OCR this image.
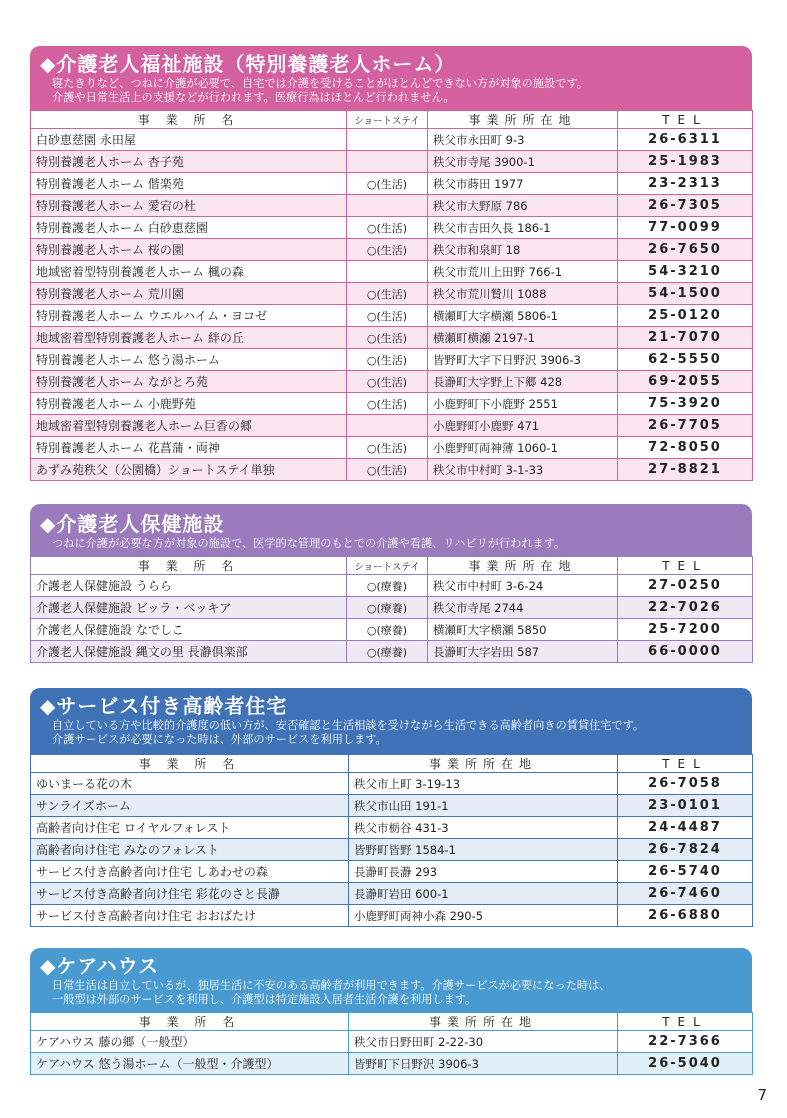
◆介護老人福祉施設（特別養護老人ホーム）
寝たきりなど、つねに介護が必要で、自宅では介護を受けることがほとんどできない方が対象の施設です。
介護や日常生活上の支援などが行われます。医療行為はほとんど行われません。
事 業 所 名	ショートステイ	事業所所在地	TEL
白砂恵慈園 永田屋		秩父市永田町 9-3	26-6311
特別養護老人ホーム 杏子苑		秩父市寺尾 3900-1	25-1983
特別養護老人ホーム 偕楽苑	○(生活)	秩父市蒔田 1977	23-2313
特別養護老人ホーム 愛宕の杜		秩父市大野原 786	26-7305
特別養護老人ホーム 白砂恵慈園	○(生活)	秩父市吉田久長 186-1	77-0099
特別養護老人ホーム 桜の園	○(生活)	秩父市和泉町 18	26-7650
地域密着型特別養護老人ホーム 楓の森		秩父市荒川上田野 766-1	54-3210
特別養護老人ホーム 荒川園	○(生活)	秩父市荒川贄川 1088	54-1500
特別養護老人ホーム ウエルハイム・ヨコゼ	○(生活)	横瀬町大字横瀬 5806-1	25-0120
地域密着型特別養護老人ホーム 絆の丘	○(生活)	横瀬町横瀬 2197-1	21-7070
特別養護老人ホーム 悠う湯ホーム	○(生活)	皆野町大字下日野沢 3906-3	62-5550
特別養護老人ホーム ながとろ苑	○(生活)	長瀞町大字野上下郷 428	69-2055
特別養護老人ホーム 小鹿野苑	○(生活)	小鹿野町下小鹿野 2551	75-3920
地域密着型特別養護老人ホーム巨香の郷		小鹿野町小鹿野 471	26-7705
特別養護老人ホーム 花菖蒲・両神	○(生活)	小鹿野町両神薄 1060-1	72-8050
あずみ苑秩父（公園橋）ショートステイ単独	○(生活)	秩父市中村町 3-1-33	27-8821
◆介護老人保健施設
つねに介護が必要な方が対象の施設で、医学的な管理のもとでの介護や看護、リハビリが行われます。
事 業 所 名	ショートステイ	事業所所在地	TEL
介護老人保健施設 うらら	○(療養)	秩父市中村町 3-6-24	27-0250
介護老人保健施設 ビッラ・ベッキア	○(療養)	秩父市寺尾 2744	22-7026
介護老人保健施設 なでしこ	○(療養)	横瀬町大字横瀬 5850	25-7200
介護老人保健施設 縄文の里 長瀞倶楽部	○(療養)	長瀞町大字岩田 587	66-0000
◆サービス付き高齢者住宅
自立している方や比較的介護度の低い方が、安否確認と生活相談を受けながら生活できる高齢者向きの賃貸住宅です。
介護サービスが必要になった時は、外部のサービスを利用します。
事 業 所 名	事業所所在地	TEL
ゆいまーる花の木	秩父市上町 3-19-13	26-7058
サンライズホーム	秩父市山田 191-1	23-0101
高齢者向け住宅 ロイヤルフォレスト	秩父市栃谷 431-3	24-4487
高齢者向け住宅 みなのフォレスト	皆野町皆野 1584-1	26-7824
サービス付き高齢者向け住宅 しあわせの森	長瀞町長瀞 293	26-5740
サービス付き高齢者向け住宅 彩花のさと長瀞	長瀞町岩田 600-1	26-7460
サービス付き高齢者向け住宅 おおばたけ	小鹿野町両神小森 290-5	26-6880
◆ケアハウス
日常生活は自立しているが、独居生活に不安のある高齢者が利用できます。介護サービスが必要になった時は、
一般型は外部のサービスを利用し、介護型は特定施設入居者生活介護を利用します。
事 業 所 名	事業所所在地	TEL
ケアハウス 藤の郷（一般型）	秩父市日野田町 2-22-30	22-7366
ケアハウス 悠う湯ホーム（一般型・介護型）	皆野町下日野沢 3906-3	26-5040
7
